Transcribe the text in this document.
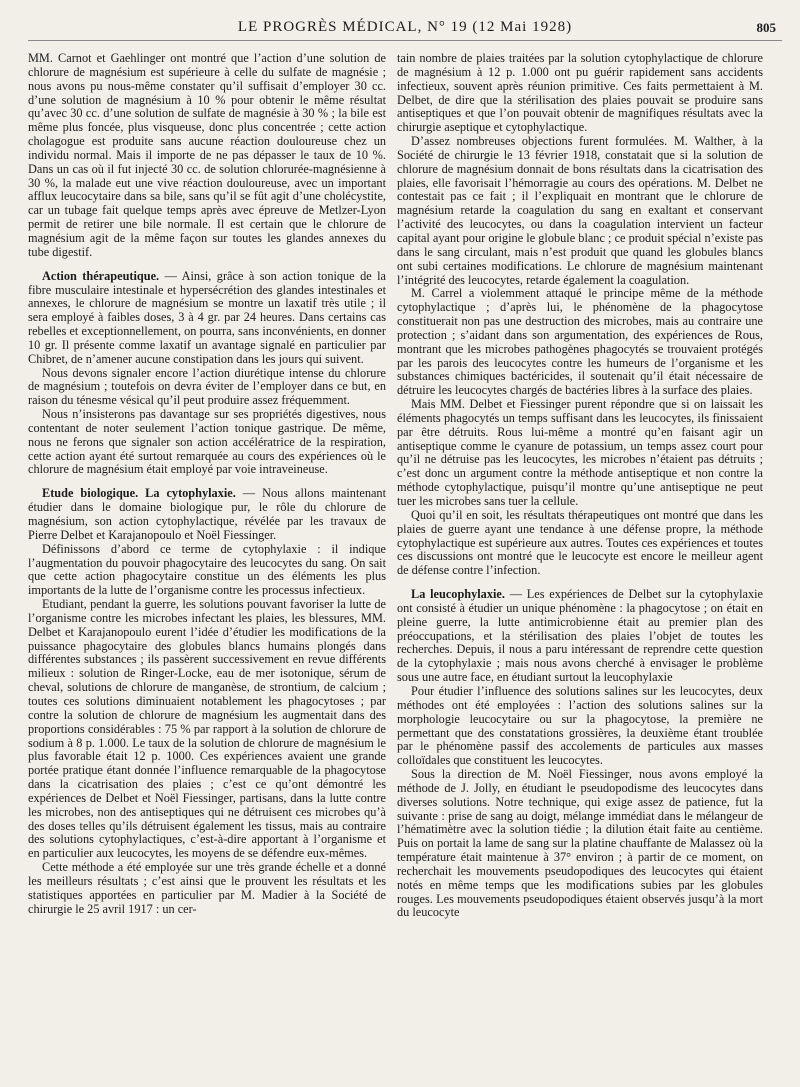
LE PROGRÈS MÉDICAL, N° 19 (12 Mai 1928)	805

MM. Carnot et Gaehlinger ont montré que l’action d’une solution de chlorure de magnésium est supérieure à celle du sulfate de magnésie ; nous avons pu nous-même constater qu’il suffisait d’employer 30 cc. d’une solution de magnésium à 10 % pour obtenir le même résultat qu’avec 30 cc. d’une solution de sulfate de magnésie à 30 % ; la bile est même plus foncée, plus visqueuse, donc plus concentrée ; cette action cholagogue est produite sans aucune réaction douloureuse chez un individu normal. Mais il importe de ne pas dépasser le taux de 10 %. Dans un cas où il fut injecté 30 cc. de solution chlorurée-magnésienne à 30 %, la malade eut une vive réaction douloureuse, avec un important afflux leucocytaire dans sa bile, sans qu’il se fût agit d’une cholécystite, car un tubage fait quelque temps après avec épreuve de Metlzer-Lyon permit de retirer une bile normale. Il est certain que le chlorure de magnésium agit de la même façon sur toutes les glandes annexes du tube digestif.

Action thérapeutique. — Ainsi, grâce à son action tonique de la fibre musculaire intestinale et hypersécrétion des glandes intestinales et annexes, le chlorure de magnésium se montre un laxatif très utile ; il sera employé à faibles doses, 3 à 4 gr. par 24 heures. Dans certains cas rebelles et exceptionnellement, on pourra, sans inconvénients, en donner 10 gr. Il présente comme laxatif un avantage signalé en particulier par Chibret, de n’amener aucune constipation dans les jours qui suivent.

Nous devons signaler encore l’action diurétique intense du chlorure de magnésium ; toutefois on devra éviter de l’employer dans ce but, en raison du ténesme vésical qu’il peut produire assez fréquemment.

Nous n’insisterons pas davantage sur ses propriétés digestives, nous contentant de noter seulement l’action tonique gastrique. De même, nous ne ferons que signaler son action accélératrice de la respiration, cette action ayant été surtout remarquée au cours des expériences où le chlorure de magnésium était employé par voie intraveineuse.

Etude biologique. La cytophylaxie. — Nous allons maintenant étudier dans le domaine biologique pur, le rôle du chlorure de magnésium, son action cytophylactique, révélée par les travaux de Pierre Delbet et Karajanopoulo et Noël Fiessinger.

Définissons d’abord ce terme de cytophylaxie : il indique l’augmentation du pouvoir phagocytaire des leucocytes du sang. On sait que cette action phagocytaire constitue un des éléments les plus importants de la lutte de l’organisme contre les processus infectieux.

Etudiant, pendant la guerre, les solutions pouvant favoriser la lutte de l’organisme contre les microbes infectant les plaies, les blessures, MM. Delbet et Karajanopoulo eurent l’idée d’étudier les modifications de la puissance phagocytaire des globules blancs humains plongés dans différentes substances ; ils passèrent successivement en revue différents milieux : solution de Ringer-Locke, eau de mer isotonique, sérum de cheval, solutions de chlorure de manganèse, de strontium, de calcium ; toutes ces solutions diminuaient notablement les phagocytoses ; par contre la solution de chlorure de magnésium les augmentait dans des proportions considérables : 75 % par rapport à la solution de chlorure de sodium à 8 p. 1.000. Le taux de la solution de chlorure de magnésium le plus favorable était 12 p. 1000. Ces expériences avaient une grande portée pratique étant donnée l’influence remarquable de la phagocytose dans la cicatrisation des plaies ; c’est ce qu’ont démontré les expériences de Delbet et Noël Fiessinger, partisans, dans la lutte contre les microbes, non des antiseptiques qui ne détruisent ces microbes qu’à des doses telles qu’ils détruisent également les tissus, mais au contraire des solutions cytophylactiques, c’est-à-dire apportant à l’organisme et en particulier aux leucocytes, les moyens de se défendre eux-mêmes.

Cette méthode a été employée sur une très grande échelle et a donné les meilleurs résultats ; c’est ainsi que le prouvent les résultats et les statistiques apportées en particulier par M. Madier à la Société de chirurgie le 25 avril 1917 : un cer-

tain nombre de plaies traitées par la solution cytophylactique de chlorure de magnésium à 12 p. 1.000 ont pu guérir rapidement sans accidents infectieux, souvent après réunion primitive. Ces faits permettaient à M. Delbet, de dire que la stérilisation des plaies pouvait se produire sans antiseptiques et que l’on pouvait obtenir de magnifiques résultats avec la chirurgie aseptique et cytophylactique.

D’assez nombreuses objections furent formulées. M. Walther, à la Société de chirurgie le 13 février 1918, constatait que si la solution de chlorure de magnésium donnait de bons résultats dans la cicatrisation des plaies, elle favorisait l’hémorragie au cours des opérations. M. Delbet ne contestait pas ce fait ; il l’expliquait en montrant que le chlorure de magnésium retarde la coagulation du sang en exaltant et conservant l’activité des leucocytes, ou dans la coagulation intervient un facteur capital ayant pour origine le globule blanc ; ce produit spécial n’existe pas dans le sang circulant, mais n’est produit que quand les globules blancs ont subi certaines modifications. Le chlorure de magnésium maintenant l’intégrité des leucocytes, retarde également la coagulation.

M. Carrel a violemment attaqué le principe même de la méthode cytophylactique ; d’après lui, le phénomène de la phagocytose constituerait non pas une destruction des microbes, mais au contraire une protection ; s’aidant dans son argumentation, des expériences de Rous, montrant que les microbes pathogènes phagocytés se trouvaient protégés par les parois des leucocytes contre les humeurs de l’organisme et les substances chimiques bactéricides, il soutenait qu’il était nécessaire de détruire les leucocytes chargés de bactéries libres à la surface des plaies.

Mais MM. Delbet et Fiessinger purent répondre que si on laissait les éléments phagocytés un temps suffisant dans les leucocytes, ils finissaient par être détruits. Rous lui-même a montré qu’en faisant agir un antiseptique comme le cyanure de potassium, un temps assez court pour qu’il ne détruise pas les leucocytes, les microbes n’étaient pas détruits ; c’est donc un argument contre la méthode antiseptique et non contre la méthode cytophylactique, puisqu’il montre qu’une antiseptique ne peut tuer les microbes sans tuer la cellule.

Quoi qu’il en soit, les résultats thérapeutiques ont montré que dans les plaies de guerre ayant une tendance à une défense propre, la méthode cytophylactique est supérieure aux autres. Toutes ces expériences et toutes ces discussions ont montré que le leucocyte est encore le meilleur agent de défense contre l’infection.

La leucophylaxie. — Les expériences de Delbet sur la cytophylaxie ont consisté à étudier un unique phénomène : la phagocytose ; on était en pleine guerre, la lutte antimicrobienne était au premier plan des préoccupations, et la stérilisation des plaies l’objet de toutes les recherches. Depuis, il nous a paru intéressant de reprendre cette question de la cytophylaxie ; mais nous avons cherché à envisager le problème sous une autre face, en étudiant surtout la leucophylaxie

Pour étudier l’influence des solutions salines sur les leucocytes, deux méthodes ont été employées : l’action des solutions salines sur la morphologie leucocytaire ou sur la phagocytose, la première ne permettant que des constatations grossières, la deuxième étant troublée par le phénomène passif des accolements de particules aux masses colloïdales que constituent les leucocytes.

Sous la direction de M. Noël Fiessinger, nous avons employé la méthode de J. Jolly, en étudiant le pseudopodisme des leucocytes dans diverses solutions. Notre technique, qui exige assez de patience, fut la suivante : prise de sang au doigt, mélange immédiat dans le mélangeur de l’hématimètre avec la solution tiédie ; la dilution était faite au centième. Puis on portait la lame de sang sur la platine chauffante de Malassez où la température était maintenue à 37° environ ; à partir de ce moment, on recherchait les mouvements pseudopodiques des leucocytes qui étaient notés en même temps que les modifications subies par les globules rouges. Les mouvements pseudopodiques étaient observés jusqu’à la mort du leucocyte
